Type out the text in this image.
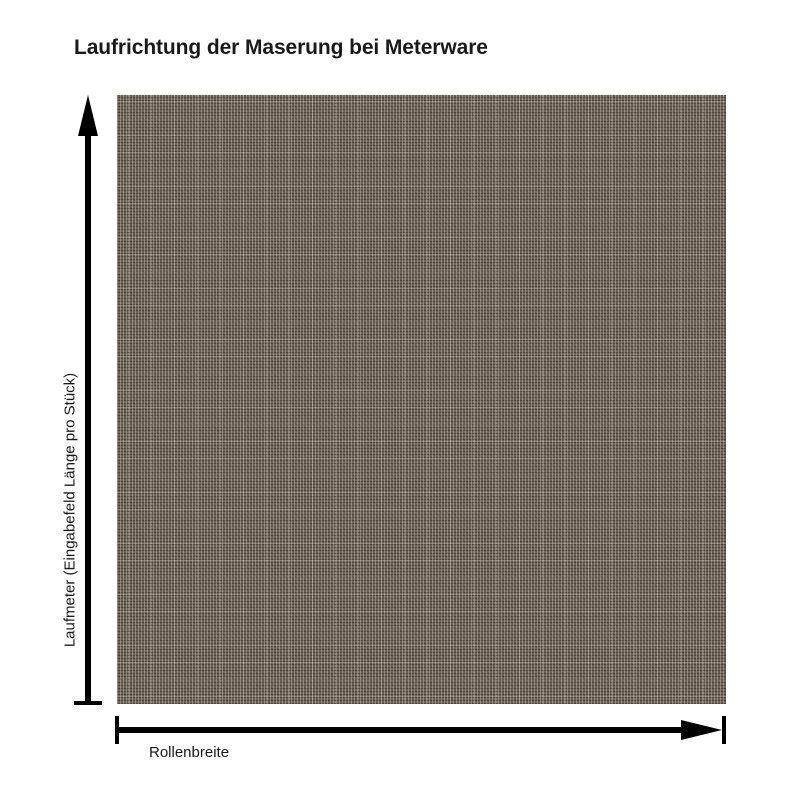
Laufrichtung der Maserung bei Meterware
Laufmeter (Eingabefeld Länge pro Stück)
Rollenbreite
